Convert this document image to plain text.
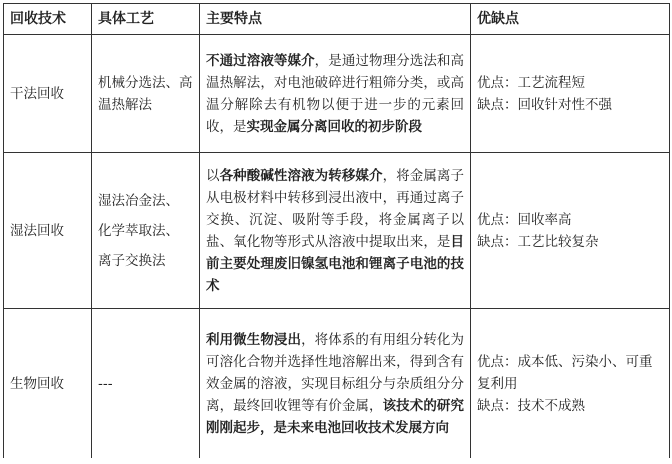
回收技术	具体工艺	主要特点	优缺点
干法回收	机械分选法、高温热解法	不通过溶液等媒介，是通过物理分选法和高温热解法，对电池破碎进行粗筛分类，或高温分解除去有机物以便于进一步的元素回收，是实现金属分离回收的初步阶段	优点：工艺流程短
缺点：回收针对性不强

湿法回收	湿法冶金法、
化学萃取法、
离子交换法	以各种酸碱性溶液为转移媒介，将金属离子从电极材料中转移到浸出液中，再通过离子交换、沉淀、吸附等手段，将金属离子以盐、氧化物等形式从溶液中提取出来，是目前主要处理废旧镍氢电池和锂离子电池的技术	优点：回收率高
缺点：工艺比较复杂

生物回收	---	利用微生物浸出，将体系的有用组分转化为可溶化合物并选择性地溶解出来，得到含有效金属的溶液，实现目标组分与杂质组分分离，最终回收锂等有价金属，该技术的研究刚刚起步，是未来电池回收技术发展方向	优点：成本低、污染小、可重复利用
缺点：技术不成熟
